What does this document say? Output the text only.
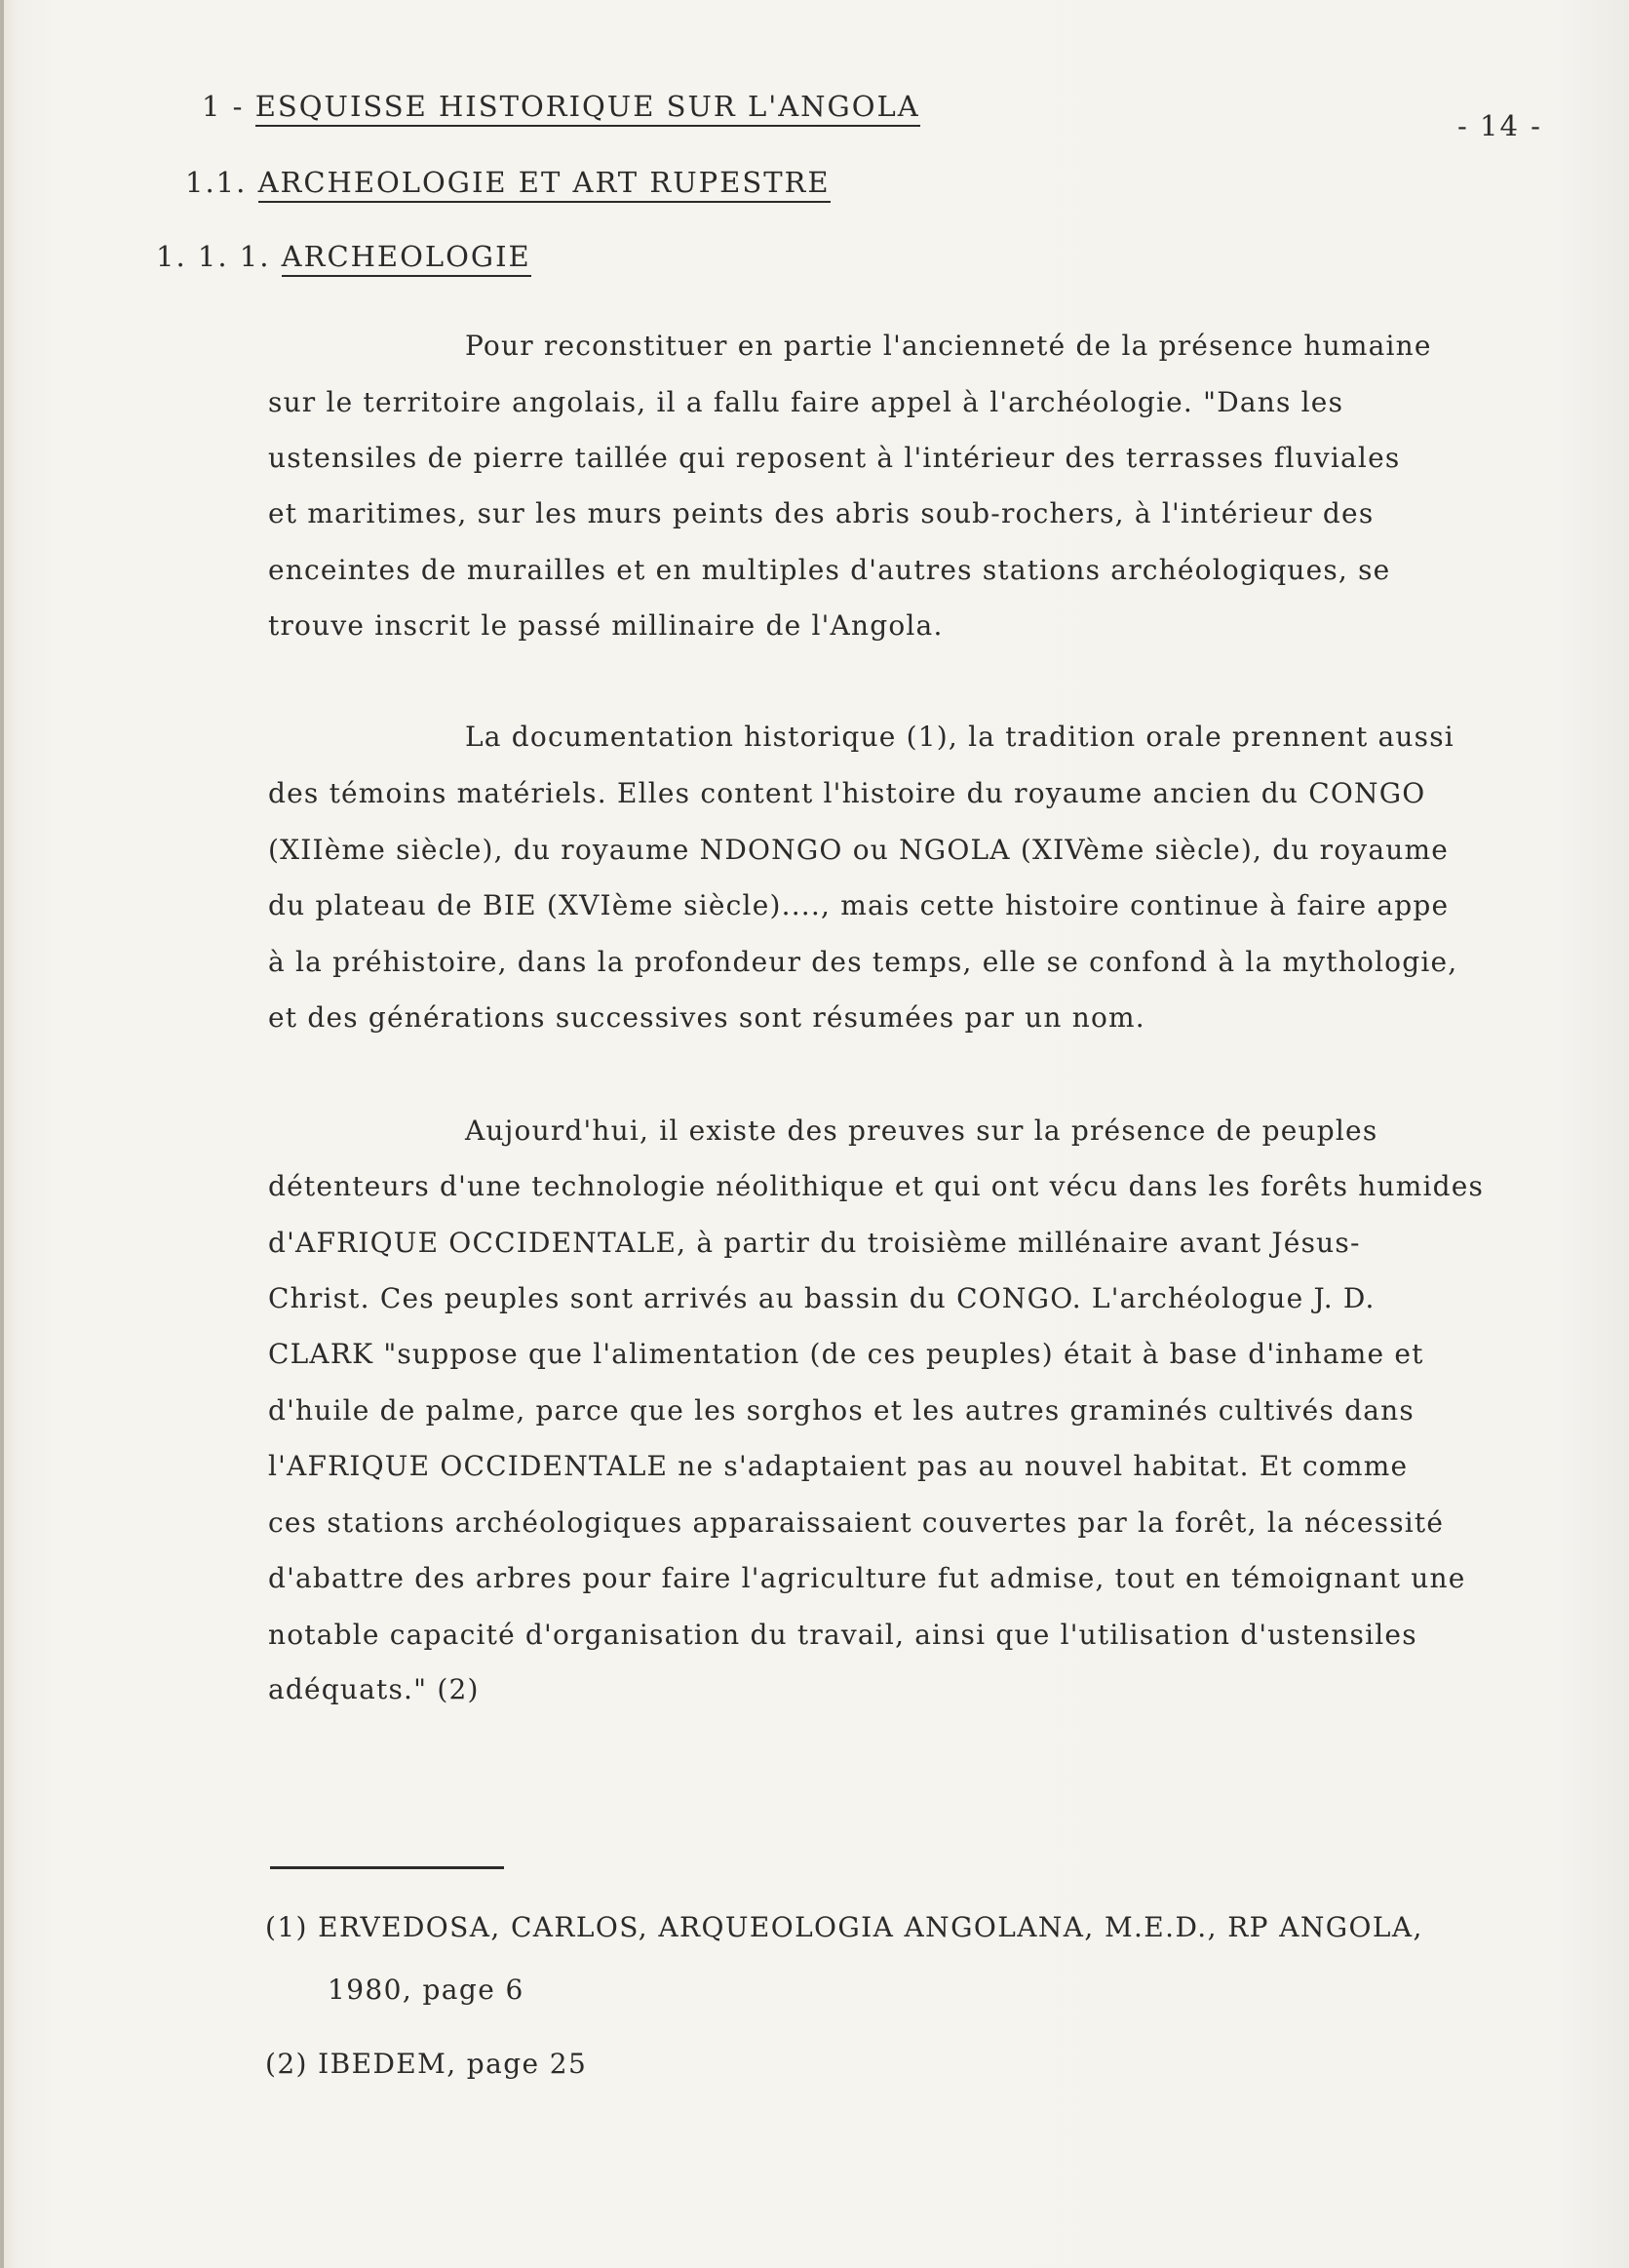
- 14 -
1 - ESQUISSE HISTORIQUE SUR L'ANGOLA
1.1. ARCHEOLOGIE ET ART RUPESTRE
1. 1. 1. ARCHEOLOGIE
Pour reconstituer en partie l'ancienneté de la présence humaine
sur le territoire angolais, il a fallu faire appel à l'archéologie. "Dans les
ustensiles de pierre taillée qui reposent à l'intérieur des terrasses fluviales
et maritimes, sur les murs peints des abris soub-rochers, à l'intérieur des
enceintes de murailles et en multiples d'autres stations archéologiques, se
trouve inscrit le passé millinaire de l'Angola.
La documentation historique (1), la tradition orale prennent aussi
des témoins matériels. Elles content l'histoire du royaume ancien du CONGO
(XIIème siècle), du royaume NDONGO ou NGOLA (XIVème siècle), du royaume
du plateau de BIE (XVIème siècle)...., mais cette histoire continue à faire appe
à la préhistoire, dans la profondeur des temps, elle se confond à la mythologie,
et des générations successives sont résumées par un nom.
Aujourd'hui, il existe des preuves sur la présence de peuples
détenteurs d'une technologie néolithique et qui ont vécu dans les forêts humides
d'AFRIQUE OCCIDENTALE, à partir du troisième millénaire avant Jésus-
Christ. Ces peuples sont arrivés au bassin du CONGO. L'archéologue J. D.
CLARK "suppose que l'alimentation (de ces peuples) était à base d'inhame et
d'huile de palme, parce que les sorghos et les autres graminés cultivés dans
l'AFRIQUE OCCIDENTALE ne s'adaptaient pas au nouvel habitat. Et comme
ces stations archéologiques apparaissaient couvertes par la forêt, la nécessité
d'abattre des arbres pour faire l'agriculture fut admise, tout en témoignant une
notable capacité d'organisation du travail, ainsi que l'utilisation d'ustensiles
adéquats." (2)
(1) ERVEDOSA, CARLOS, ARQUEOLOGIA ANGOLANA, M.E.D., RP ANGOLA,
1980, page 6
(2) IBEDEM, page 25
